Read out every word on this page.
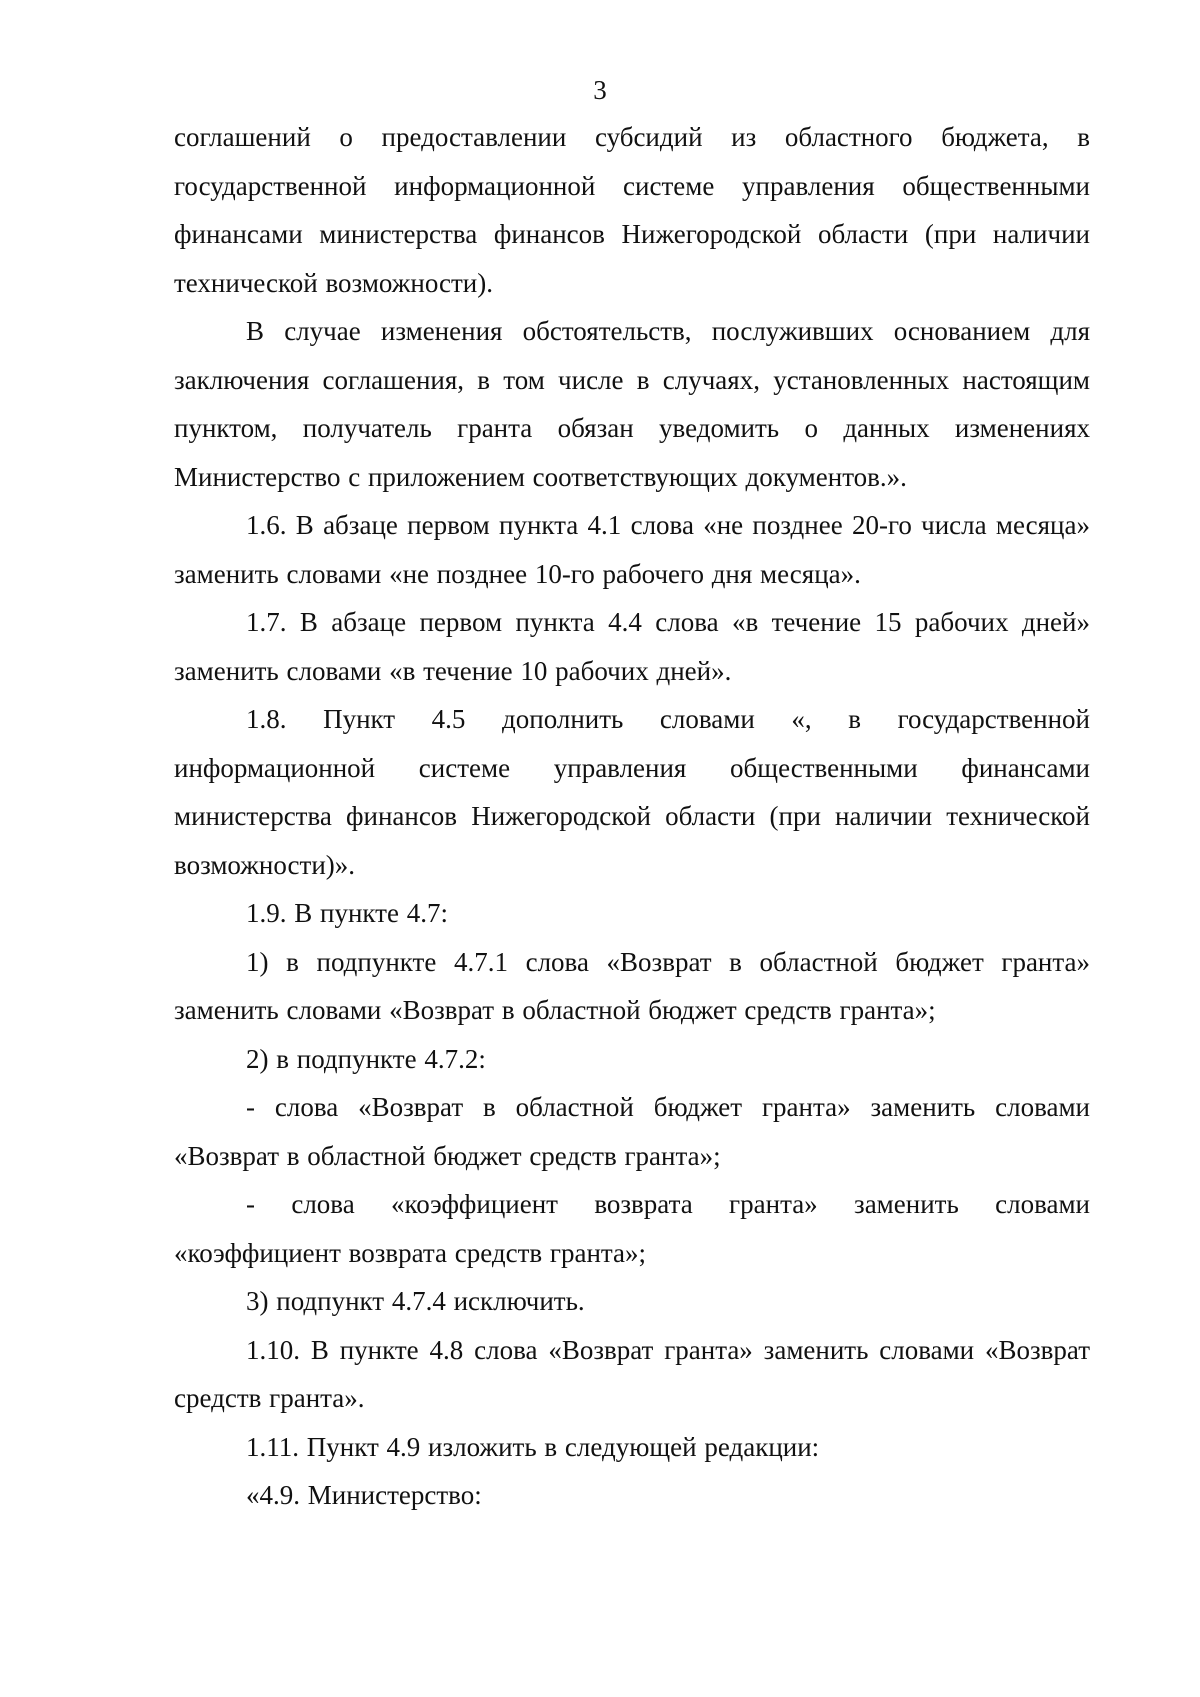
3

соглашений о предоставлении субсидий из областного бюджета, в государственной информационной системе управления общественными финансами министерства финансов Нижегородской области (при наличии технической возможности).

В случае изменения обстоятельств, послуживших основанием для заключения соглашения, в том числе в случаях, установленных настоящим пунктом, получатель гранта обязан уведомить о данных изменениях Министерство с приложением соответствующих документов.».

1.6. В абзаце первом пункта 4.1 слова «не позднее 20-го числа месяца» заменить словами «не позднее 10-го рабочего дня месяца».

1.7. В абзаце первом пункта 4.4 слова «в течение 15 рабочих дней» заменить словами «в течение 10 рабочих дней».

1.8. Пункт 4.5 дополнить словами «, в государственной информационной системе управления общественными финансами министерства финансов Нижегородской области (при наличии технической возможности)».

1.9. В пункте 4.7:

1) в подпункте 4.7.1 слова «Возврат в областной бюджет гранта» заменить словами «Возврат в областной бюджет средств гранта»;

2) в подпункте 4.7.2:

- слова «Возврат в областной бюджет гранта» заменить словами «Возврат в областной бюджет средств гранта»;

- слова «коэффициент возврата гранта» заменить словами «коэффициент возврата средств гранта»;

3) подпункт 4.7.4 исключить.

1.10. В пункте 4.8 слова «Возврат гранта» заменить словами «Возврат средств гранта».

1.11. Пункт 4.9 изложить в следующей редакции:

«4.9. Министерство:
